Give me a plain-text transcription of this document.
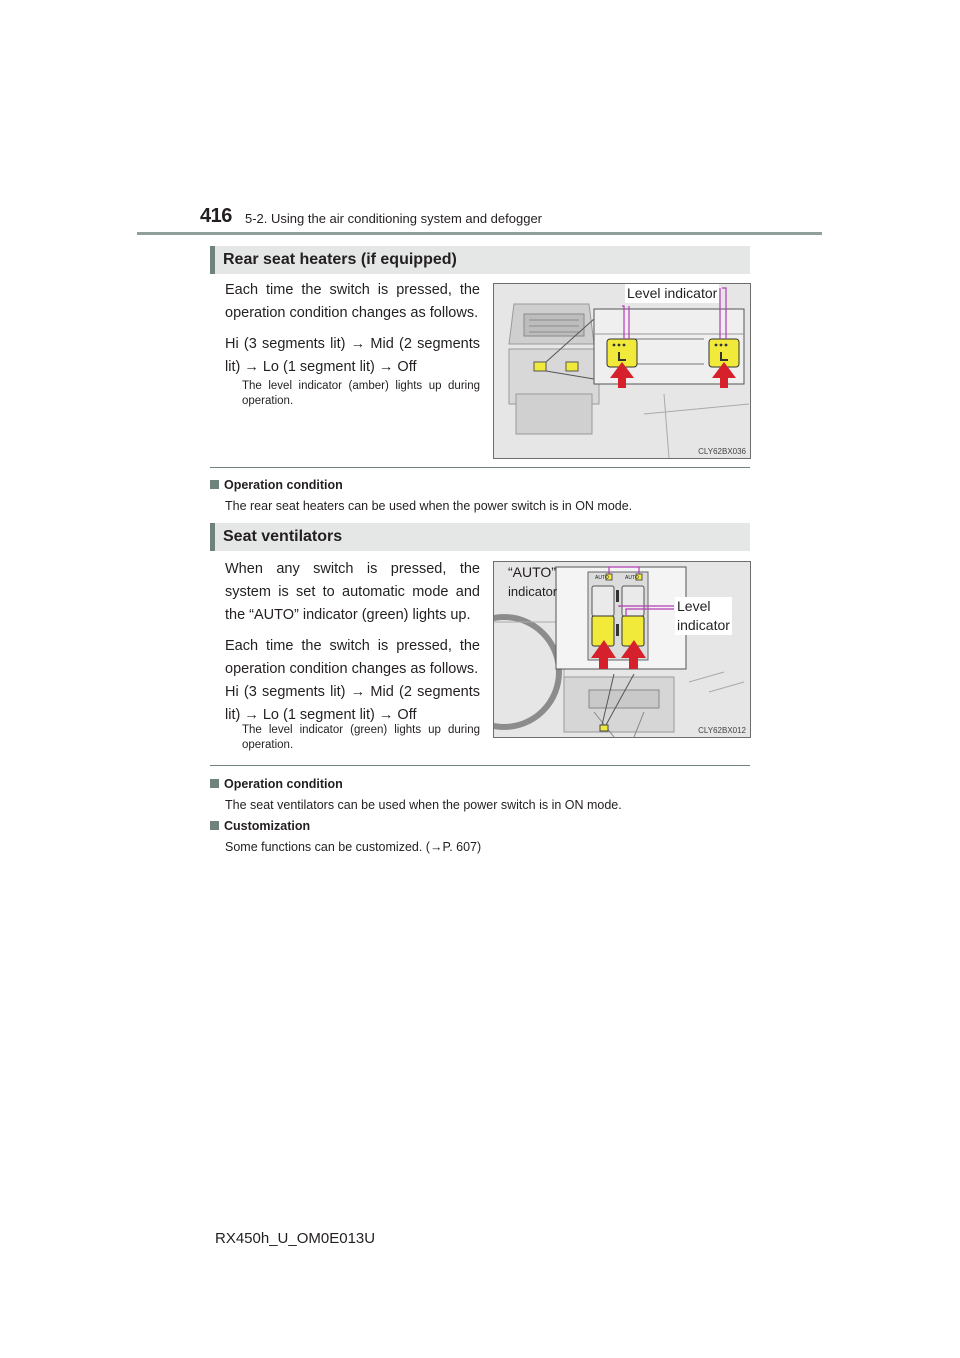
416 5-2. Using the air conditioning system and defogger
Rear seat heaters (if equipped)

Each time the switch is pressed, the operation condition changes as follows.

Hi (3 segments lit) → Mid (2 segments lit) → Lo (1 segment lit) → Off

The level indicator (amber) lights up during operation.
Level indicator
CLY62BX036
Operation condition
The rear seat heaters can be used when the power switch is in ON mode.
Seat ventilators

When any switch is pressed, the system is set to automatic mode and the “AUTO” indicator (green) lights up.

Each time the switch is pressed, the operation condition changes as follows.

Hi (3 segments lit) → Mid (2 segments lit) → Lo (1 segment lit) → Off

The level indicator (green) lights up during operation.
AUTO	AUTO
“AUTO”
indicator
Level
indicator
CLY62BX012
Operation condition
The seat ventilators can be used when the power switch is in ON mode.
Customization
Some functions can be customized. (→P. 607)
RX450h_U_OM0E013U
